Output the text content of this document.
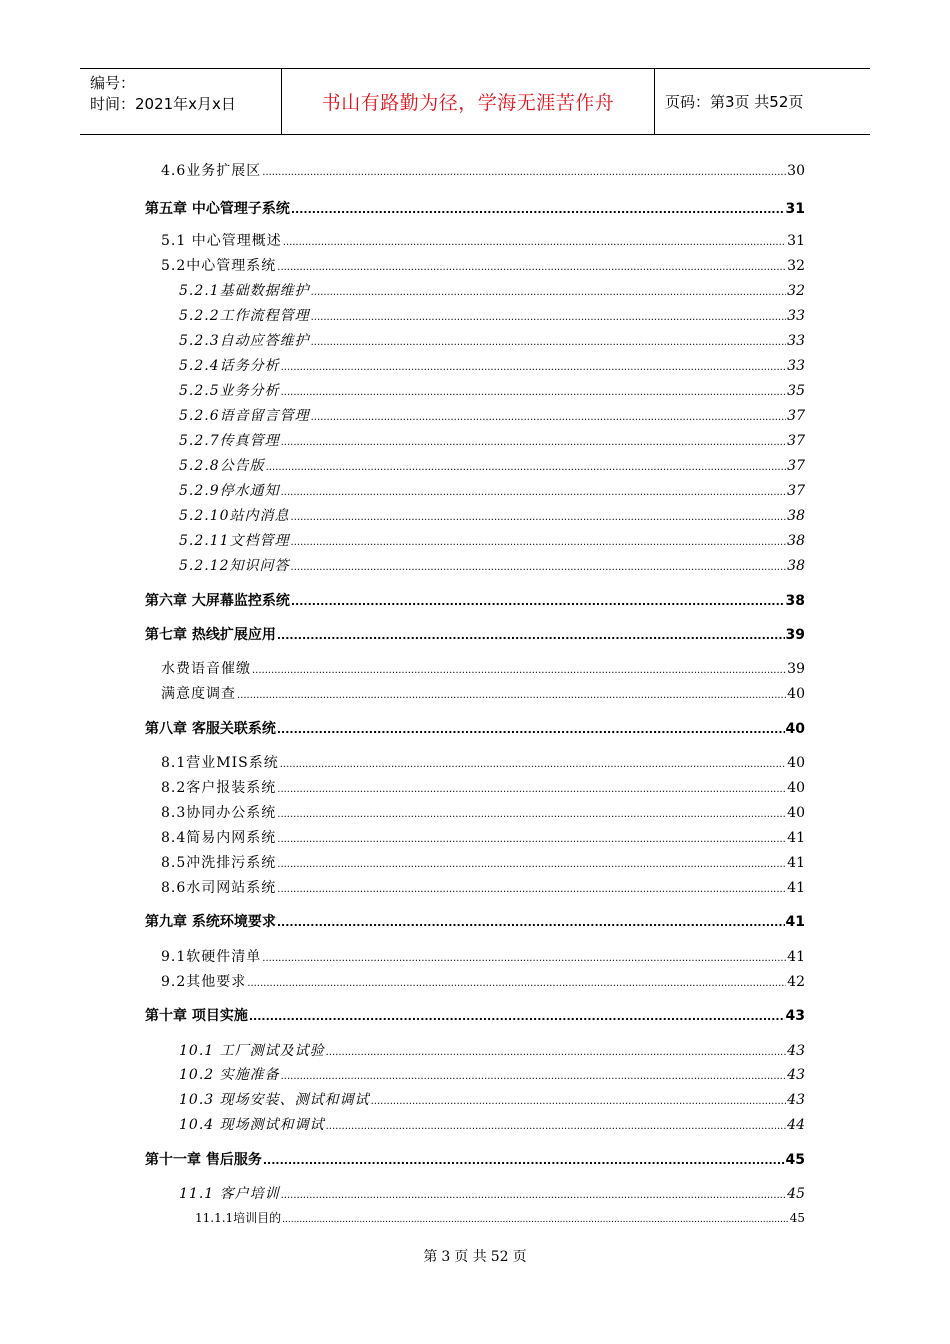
编号：
时间：2021年x月x日	书山有路勤为径，学海无涯苦作舟	页码：第3页 共52页
4.6业务扩展区 .....	30
第五章 中心管理子系统 .....	31
5.1 中心管理概述 .....	31
5.2中心管理系统 .....	32
5.2.1基础数据维护 .....	32
5.2.2工作流程管理 .....	33
5.2.3自动应答维护 .....	33
5.2.4话务分析 .....	33
5.2.5业务分析 .....	35
5.2.6语音留言管理 .....	37
5.2.7传真管理 .....	37
5.2.8公告版 .....	37
5.2.9停水通知 .....	37
5.2.10站内消息 .....	38
5.2.11文档管理 .....	38
5.2.12知识问答 .....	38
第六章 大屏幕监控系统 .....	38
第七章 热线扩展应用 .....	39
水费语音催缴 .....	39
满意度调查 .....	40
第八章 客服关联系统 .....	40
8.1营业MIS系统 .....	40
8.2客户报装系统 .....	40
8.3协同办公系统 .....	40
8.4简易内网系统 .....	41
8.5冲洗排污系统 .....	41
8.6水司网站系统 .....	41
第九章 系统环境要求 .....	41
9.1软硬件清单 .....	41
9.2其他要求 .....	42
第十章 项目实施 .....	43
10.1 工厂测试及试验 .....	43
10.2 实施准备 .....	43
10.3 现场安装、测试和调试 .....	43
10.4 现场测试和调试 .....	44
第十一章 售后服务 .....	45
11.1 客户培训 .....	45
11.1.1培训目的 .....	45
第 3 页 共 52 页
